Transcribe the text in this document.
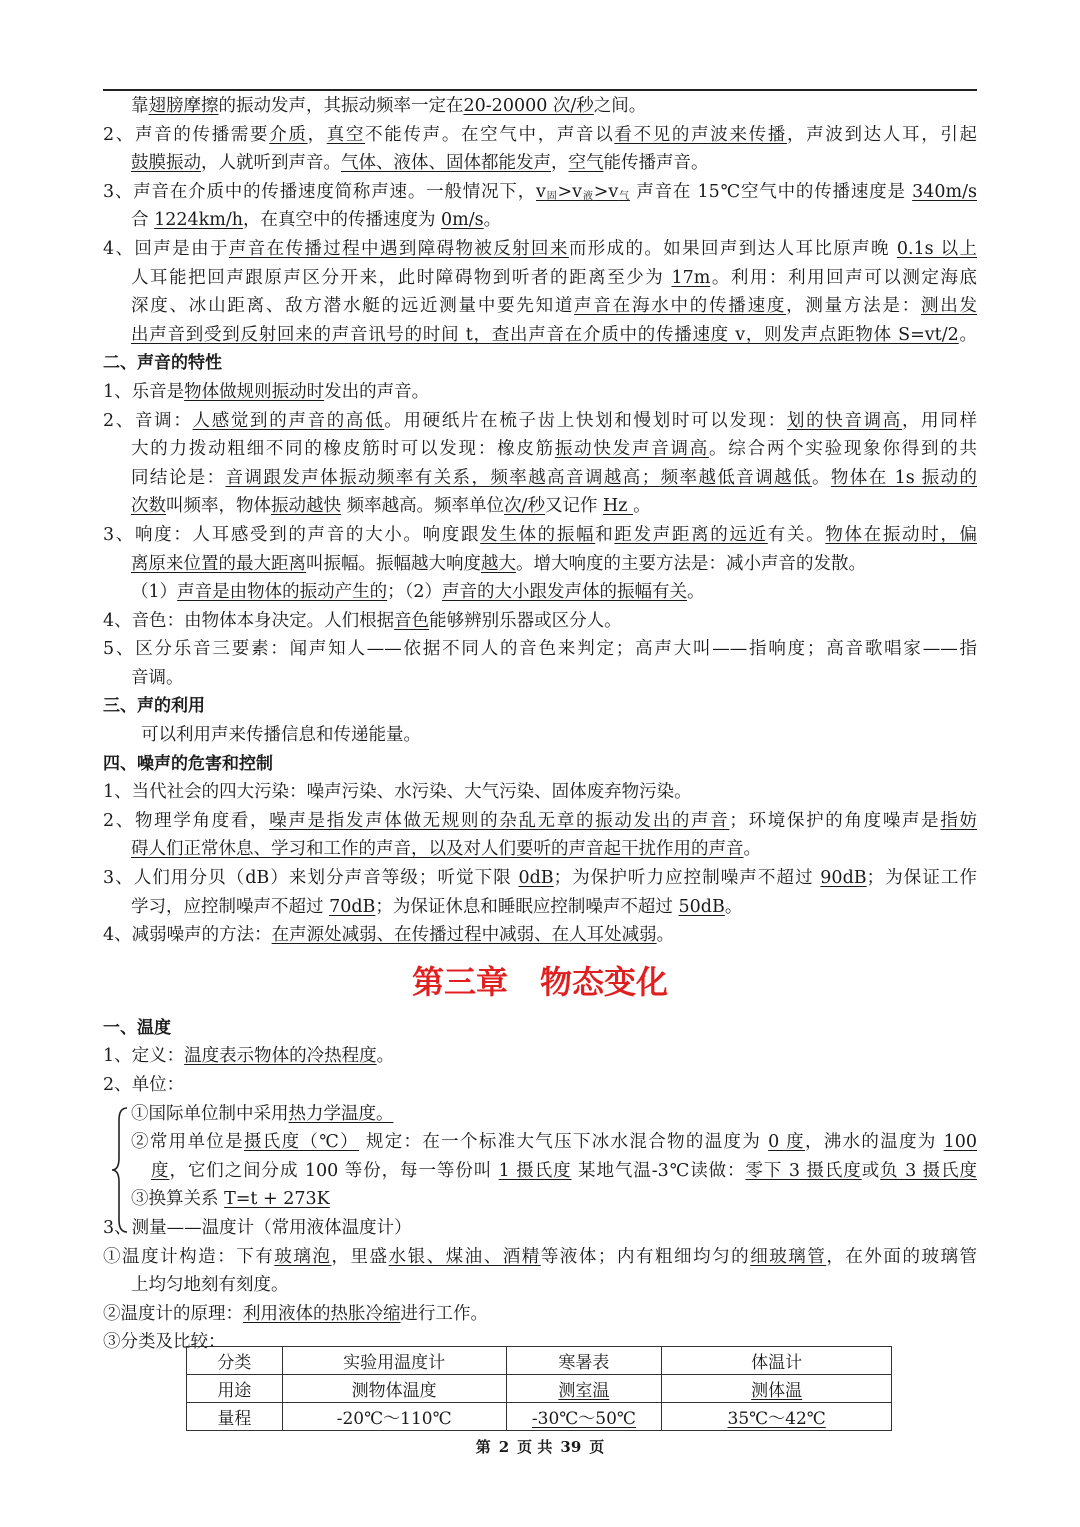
靠翅膀摩擦的振动发声，其振动频率一定在20-20000 次/秒之间。
2、声音的传播需要介质，真空不能传声。在空气中，声音以看不见的声波来传播，声波到达人耳，引起
鼓膜振动，人就听到声音。气体、液体、固体都能发声，空气能传播声音。
3、声音在介质中的传播速度简称声速。一般情况下，$v_固>v_液>v_气$ 声音在 15℃空气中的传播速度是 340m/s
合 1224km/h，在真空中的传播速度为 0m/s。
4、回声是由于声音在传播过程中遇到障碍物被反射回来而形成的。如果回声到达人耳比原声晚 0.1s 以上
人耳能把回声跟原声区分开来，此时障碍物到听者的距离至少为 17m。利用：利用回声可以测定海底
深度、冰山距离、敌方潜水艇的远近测量中要先知道声音在海水中的传播速度，测量方法是：测出发
出声音到受到反射回来的声音讯号的时间 t，查出声音在介质中的传播速度 v，则发声点距物体 S=vt/2。
二、声音的特性
1、乐音是物体做规则振动时发出的声音。
2、音调：人感觉到的声音的高低。用硬纸片在梳子齿上快划和慢划时可以发现：划的快音调高，用同样
大的力拨动粗细不同的橡皮筋时可以发现：橡皮筋振动快发声音调高。综合两个实验现象你得到的共
同结论是：音调跟发声体振动频率有关系，频率越高音调越高；频率越低音调越低。物体在 1s 振动的
次数叫频率，物体振动越快 频率越高。频率单位次/秒又记作 Hz 。
3、响度：人耳感受到的声音的大小。响度跟发生体的振幅和距发声距离的远近有关。物体在振动时，偏
离原来位置的最大距离叫振幅。振幅越大响度越大。增大响度的主要方法是：减小声音的发散。
（1）声音是由物体的振动产生的；（2）声音的大小跟发声体的振幅有关。
4、音色：由物体本身决定。人们根据音色能够辨别乐器或区分人。
5、区分乐音三要素：闻声知人——依据不同人的音色来判定；高声大叫——指响度；高音歌唱家——指
音调。
三、声的利用
可以利用声来传播信息和传递能量。
四、噪声的危害和控制
1、当代社会的四大污染：噪声污染、水污染、大气污染、固体废弃物污染。
2、物理学角度看，噪声是指发声体做无规则的杂乱无章的振动发出的声音；环境保护的角度噪声是指妨
碍人们正常休息、学习和工作的声音，以及对人们要听的声音起干扰作用的声音。
3、人们用分贝（dB）来划分声音等级；听觉下限 0dB；为保护听力应控制噪声不超过 90dB；为保证工作
学习，应控制噪声不超过 70dB；为保证休息和睡眠应控制噪声不超过 50dB。
4、减弱噪声的方法：在声源处减弱、在传播过程中减弱、在人耳处减弱。
第三章　物态变化
一、温度
1、定义：温度表示物体的冷热程度。
2、单位：
①国际单位制中采用热力学温度。
②常用单位是摄氏度（℃） 规定：在一个标准大气压下冰水混合物的温度为 0 度，沸水的温度为 100
度，它们之间分成 100 等份，每一等份叫 1 摄氏度 某地气温-3℃读做：零下 3 摄氏度或负 3 摄氏度
③换算关系 T=t + 273K
3、测量——温度计（常用液体温度计）
①温度计构造：下有玻璃泡，里盛水银、煤油、酒精等液体；内有粗细均匀的细玻璃管，在外面的玻璃管
上均匀地刻有刻度。
②温度计的原理：利用液体的热胀冷缩进行工作。
③分类及比较：
分类	实验用温度计	寒暑表	体温计
用途	测物体温度	测室温	测体温
量程	-20℃～110℃	-30℃～50℃	35℃～42℃
第 2 页 共 39 页
